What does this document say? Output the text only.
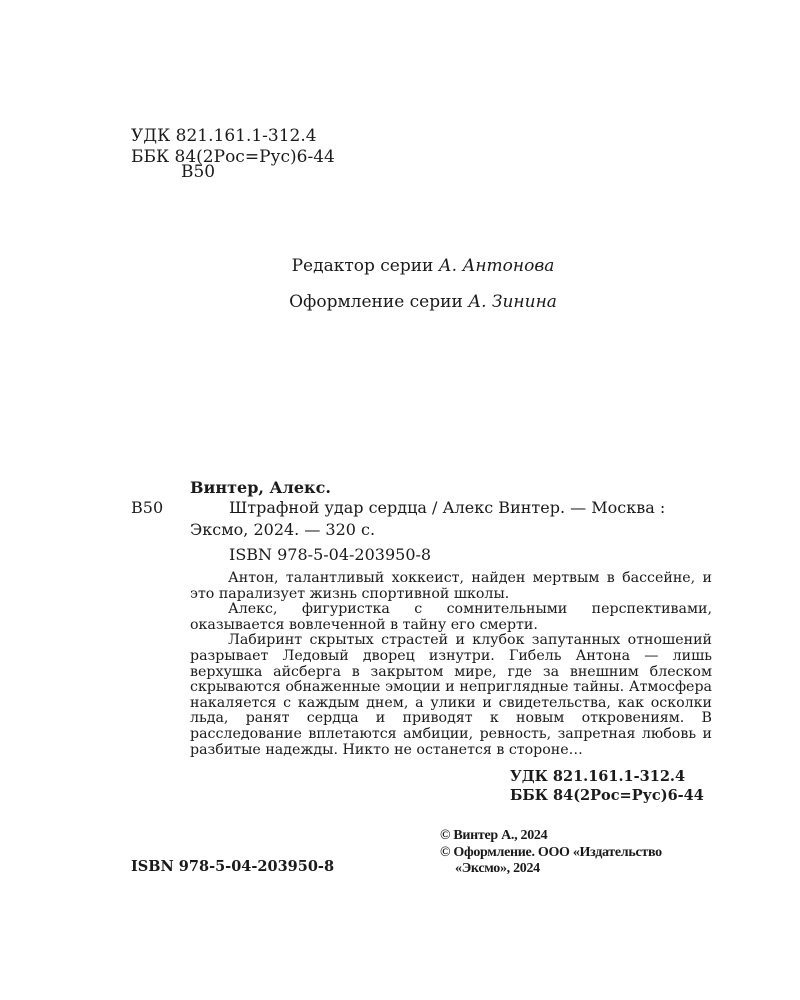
УДК 821.161.1-312.4
ББК 84(2Рос=Рус)6-44
В50
Редактор серии А. Антонова
Оформление серии А. Зинина
Винтер, Алекс.
В50	Штрафной удар сердца / Алекс Винтер. — Москва :
Эксмо, 2024. — 320 с.
ISBN 978-5-04-203950-8

Антон, талантливый хоккеист, найден мертвым в бассейне, и это парализует жизнь спортивной школы.

Алекс, фигуристка с сомнительными перспективами, оказывается вовлеченной в тайну его смерти.

Лабиринт скрытых страстей и клубок запутанных отношений разрывает Ледовый дворец изнутри. Гибель Антона — лишь верхушка айсберга в закрытом мире, где за внешним блеском скрываются обнаженные эмоции и неприглядные тайны. Атмосфера накаляется с каждым днем, а улики и свидетельства, как осколки льда, ранят сердца и приводят к новым откровениям. В расследование вплетаются амбиции, ревность, запретная любовь и разбитые надежды. Никто не останется в стороне…

УДК 821.161.1-312.4
ББК 84(2Рос=Рус)6-44
ISBN 978-5-04-203950-8
© Винтер А., 2024
© Оформление. ООО «Издательство
«Эксмо», 2024
